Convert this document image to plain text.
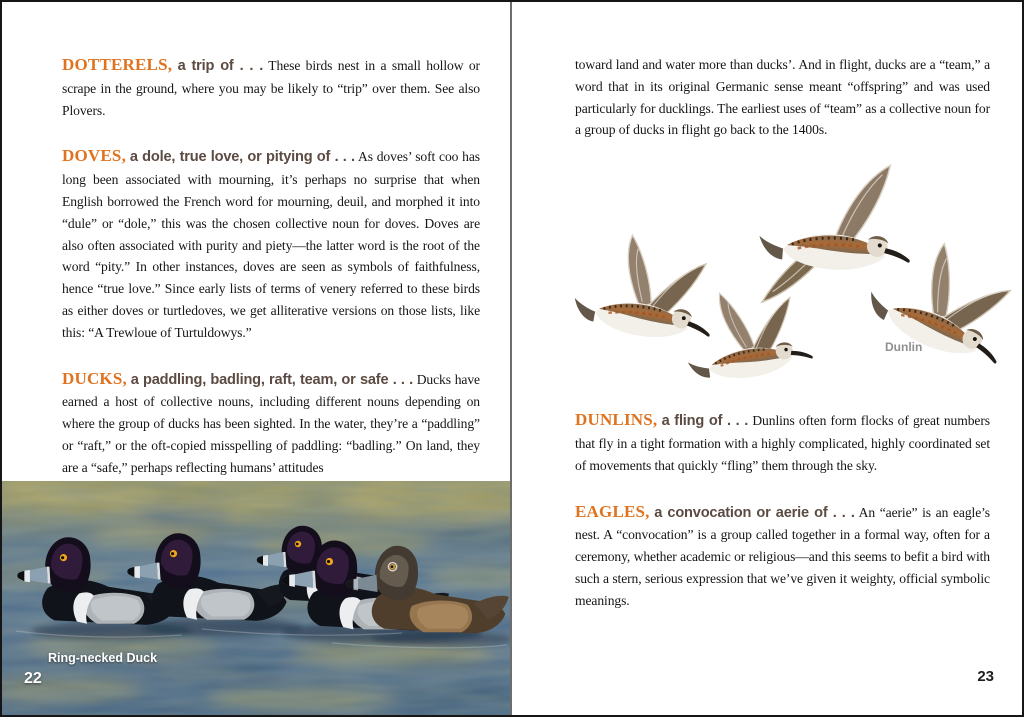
DOTTERELS, a trip of . . . These birds nest in a small hollow or scrape in the ground, where you may be likely to “trip” over them. See also Plovers.

DOVES, a dole, true love, or pitying of . . . As doves’ soft coo has long been associated with mourning, it’s perhaps no surprise that when English borrowed the French word for mourning, deuil, and morphed it into “dule” or “dole,” this was the chosen collective noun for doves. Doves are also often associated with purity and piety—the latter word is the root of the word “pity.” In other instances, doves are seen as symbols of faithfulness, hence “true love.” Since early lists of terms of venery referred to these birds as either doves or turtledoves, we get alliterative versions on those lists, like this: “A Trewloue of Turtuldowys.”

DUCKS, a paddling, badling, raft, team, or safe . . . Ducks have earned a host of collective nouns, including different nouns depending on where the group of ducks has been sighted. In the water, they’re a “paddling” or “raft,” or the oft-copied misspelling of paddling: “badling.” On land, they are a “safe,” perhaps reflecting humans’ attitudes

Ring-necked Duck
22

toward land and water more than ducks’. And in flight, ducks are a “team,” a word that in its original Germanic sense meant “offspring” and was used particularly for ducklings. The earliest uses of “team” as a collective noun for a group of ducks in flight go back to the 1400s.

Dunlin

DUNLINS, a fling of . . . Dunlins often form flocks of great numbers that fly in a tight formation with a highly complicated, highly coordinated set of movements that quickly “fling” them through the sky.

EAGLES, a convocation or aerie of . . . An “aerie” is an eagle’s nest. A “convocation” is a group called together in a formal way, often for a ceremony, whether academic or religious—and this seems to befit a bird with such a stern, serious expression that we’ve given it weighty, official symbolic meanings.

23
